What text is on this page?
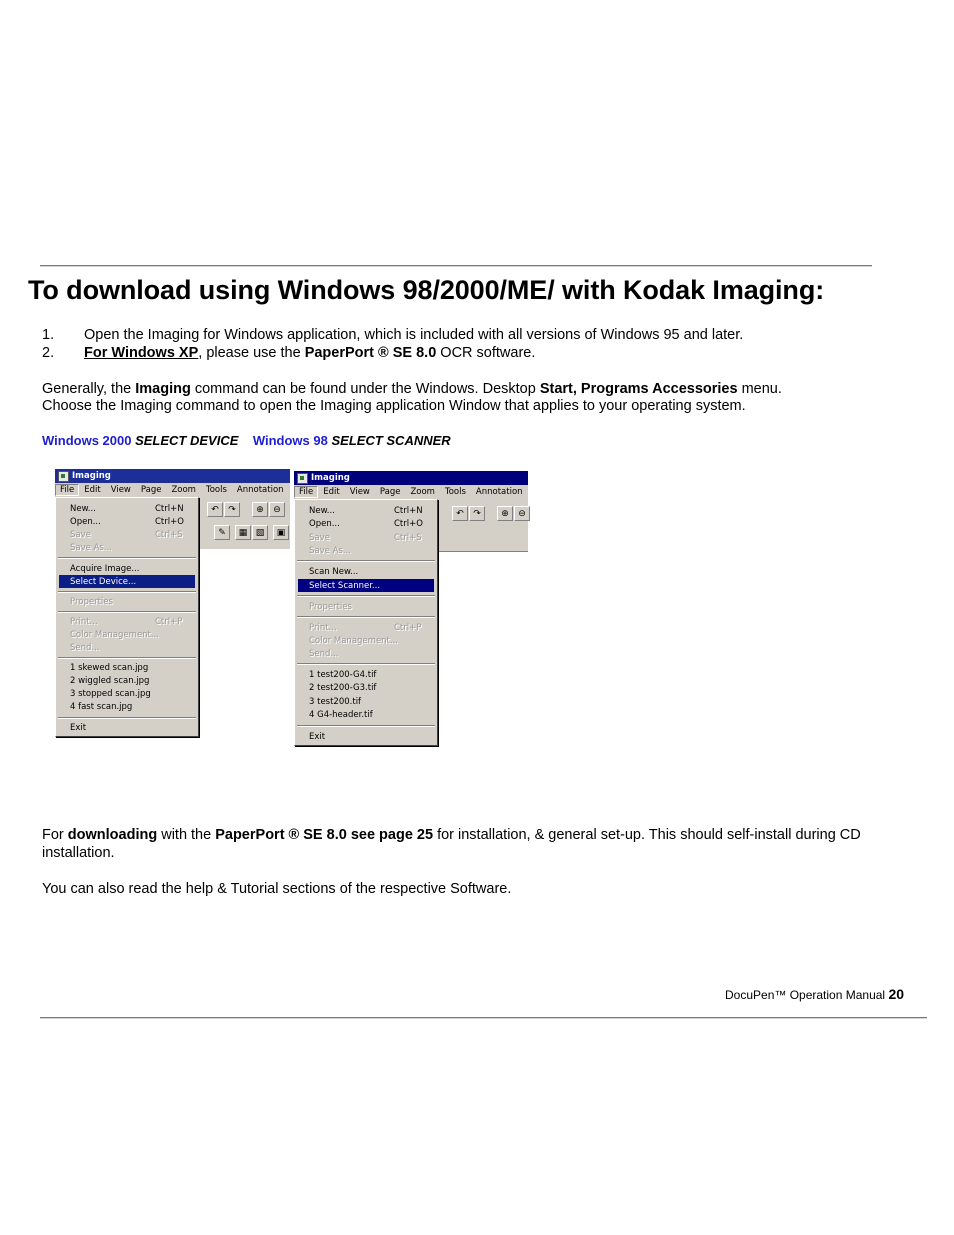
To download using Windows 98/2000/ME/ with Kodak Imaging:
1. Open the Imaging for Windows application, which is included with all versions of Windows 95 and later.
2. For Windows XP, please use the PaperPort ® SE 8.0 OCR software.
Generally, the Imaging command can be found under the Windows. Desktop Start, Programs Accessories menu.
Choose the Imaging command to open the Imaging application Window that applies to your operating system.
Windows 2000 SELECT DEVICE Windows 98 SELECT SCANNER
Imaging
File	Edit	View	Page	Zoom	Tools	Annotation
↶	↷	⊕	⊖
✎	▦ ▧	▣
New...	Ctrl+N
Open...	Ctrl+O
Save	Ctrl+S
Save As...
Acquire Image...
Select Device...
Properties
Print...	Ctrl+P
Color Management...
Send...
1 skewed scan.jpg
2 wiggled scan.jpg
3 stopped scan.jpg
4 fast scan.jpg
Exit
Imaging
File	Edit	View	Page	Zoom	Tools	Annotation
↶	↷	⊕	⊖
New...	Ctrl+N
Open...	Ctrl+O
Save	Ctrl+S
Save As...
Scan New...
Select Scanner...
Properties
Print...	Ctrl+P
Color Management...
Send...
1 test200-G4.tif
2 test200-G3.tif
3 test200.tif
4 G4-header.tif
Exit
For downloading with the PaperPort ® SE 8.0 see page 25 for installation, & general set-up. This should self-install during CD
installation.
You can also read the help & Tutorial sections of the respective Software.
DocuPen™ Operation Manual 20
